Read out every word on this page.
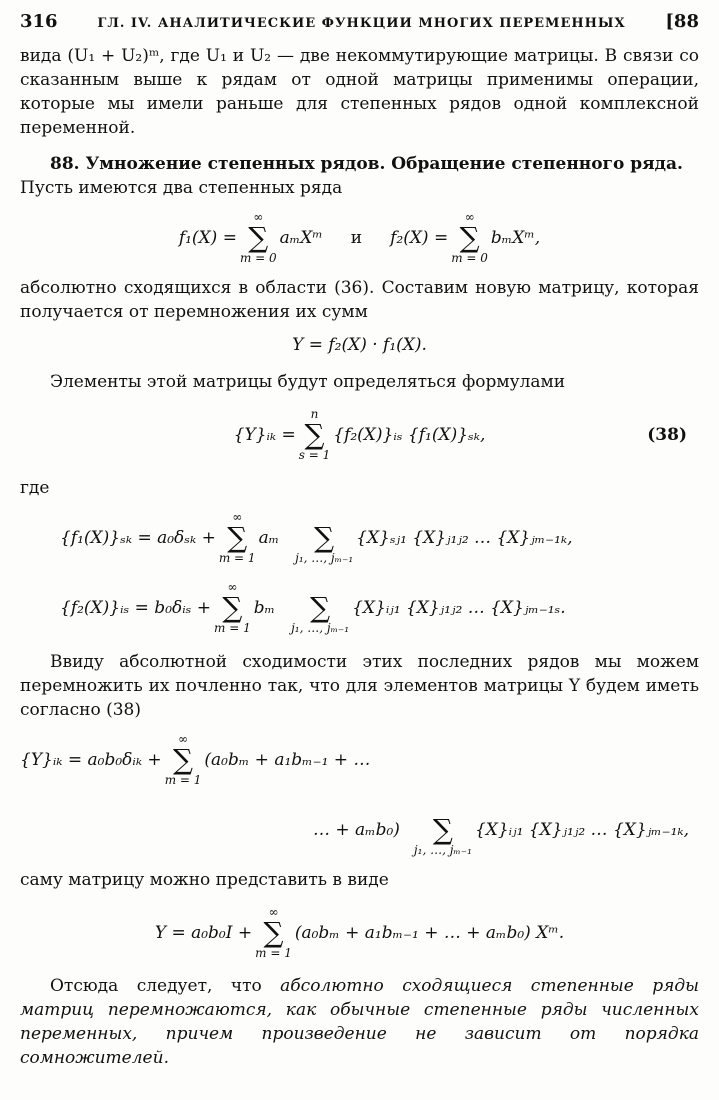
316	ГЛ. IV. АНАЛИТИЧЕСКИЕ ФУНКЦИИ МНОГИХ ПЕРЕМЕННЫХ [88

вида (U₁ + U₂)ᵐ, где U₁ и U₂ — две некоммутирующие матрицы. В связи со сказанным выше к рядам от одной матрицы применимы операции, которые мы имели раньше для степенных рядов одной комплексной переменной.

88. Умножение степенных рядов. Обращение степенного ряда.

Пусть имеются два степенных ряда

f₁(X) =
∞
∑
m = 0
aₘXᵐ и f₂(X) =
∞
∑
m = 0
bₘXᵐ,

абсолютно сходящихся в области (36). Составим новую матрицу, которая получается от перемножения их сумм

Y = f₂(X) · f₁(X).

Элементы этой матрицы будут определяться формулами

{Y}ᵢₖ =
n
∑
s = 1
{f₂(X)}ᵢₛ {f₁(X)}ₛₖ,	(38)

где

{f₁(X)}ₛₖ = a₀δₛₖ +
∞
∑
m = 1
aₘ
∑
j₁, …, jₘ₋₁
{X}ₛⱼ₁ {X}ⱼ₁ⱼ₂ … {X}ⱼₘ₋₁ₖ,
{f₂(X)}ᵢₛ = b₀δᵢₛ +
∞
∑
m = 1
bₘ
∑
j₁, …, jₘ₋₁
{X}ᵢⱼ₁ {X}ⱼ₁ⱼ₂ … {X}ⱼₘ₋₁ₛ.

Ввиду абсолютной сходимости этих последних рядов мы можем перемножить их почленно так, что для элементов матрицы Y будем иметь согласно (38)

{Y}ᵢₖ = a₀b₀δᵢₖ +
∞
∑
m = 1
(a₀bₘ + a₁bₘ₋₁ + …
… + aₘb₀)
∑
j₁, …, jₘ₋₁
{X}ᵢⱼ₁ {X}ⱼ₁ⱼ₂ … {X}ⱼₘ₋₁ₖ,

саму матрицу можно представить в виде

Y = a₀b₀I +
∞
∑
m = 1
(a₀bₘ + a₁bₘ₋₁ + … + aₘb₀) Xᵐ.

Отсюда следует, что абсолютно сходящиеся степенные ряды матриц перемножаются, как обычные степенные ряды численных переменных, причем произведение не зависит от порядка сомножителей.
